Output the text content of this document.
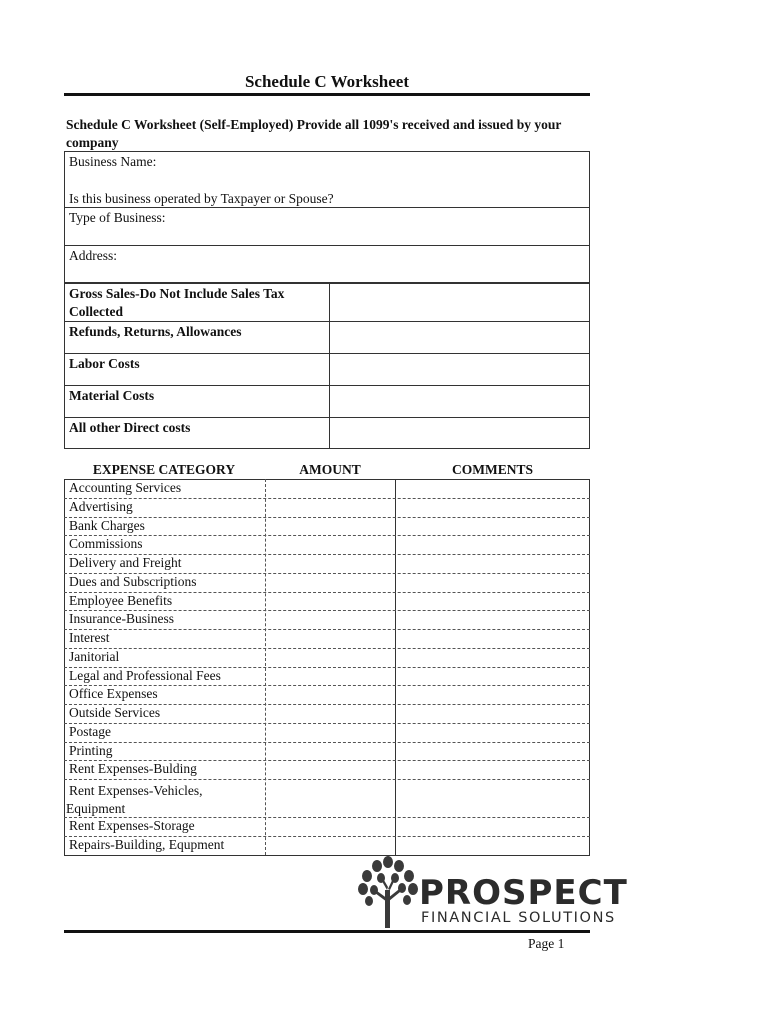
Schedule C Worksheet
Schedule C Worksheet (Self-Employed) Provide all 1099's received and issued by your company
Business Name:
Is this business operated by Taxpayer or Spouse?
Type of Business:
Address:
Gross Sales-Do Not Include Sales Tax Collected
Refunds, Returns, Allowances
Labor Costs
Material Costs
All other Direct costs
EXPENSE CATEGORY	AMOUNT	COMMENTS
Accounting Services
Advertising
Bank Charges
Commissions
Delivery and Freight
Dues and Subscriptions
Employee Benefits
Insurance-Business
Interest
Janitorial
Legal and Professional Fees
Office Expenses
Outside Services
Postage
Printing
Rent Expenses-Bulding
Rent Expenses-Vehicles, Equipment
Rent Expenses-Storage
Repairs-Building, Equpment
PROSPECT
FINANCIAL SOLUTIONS
Page 1
